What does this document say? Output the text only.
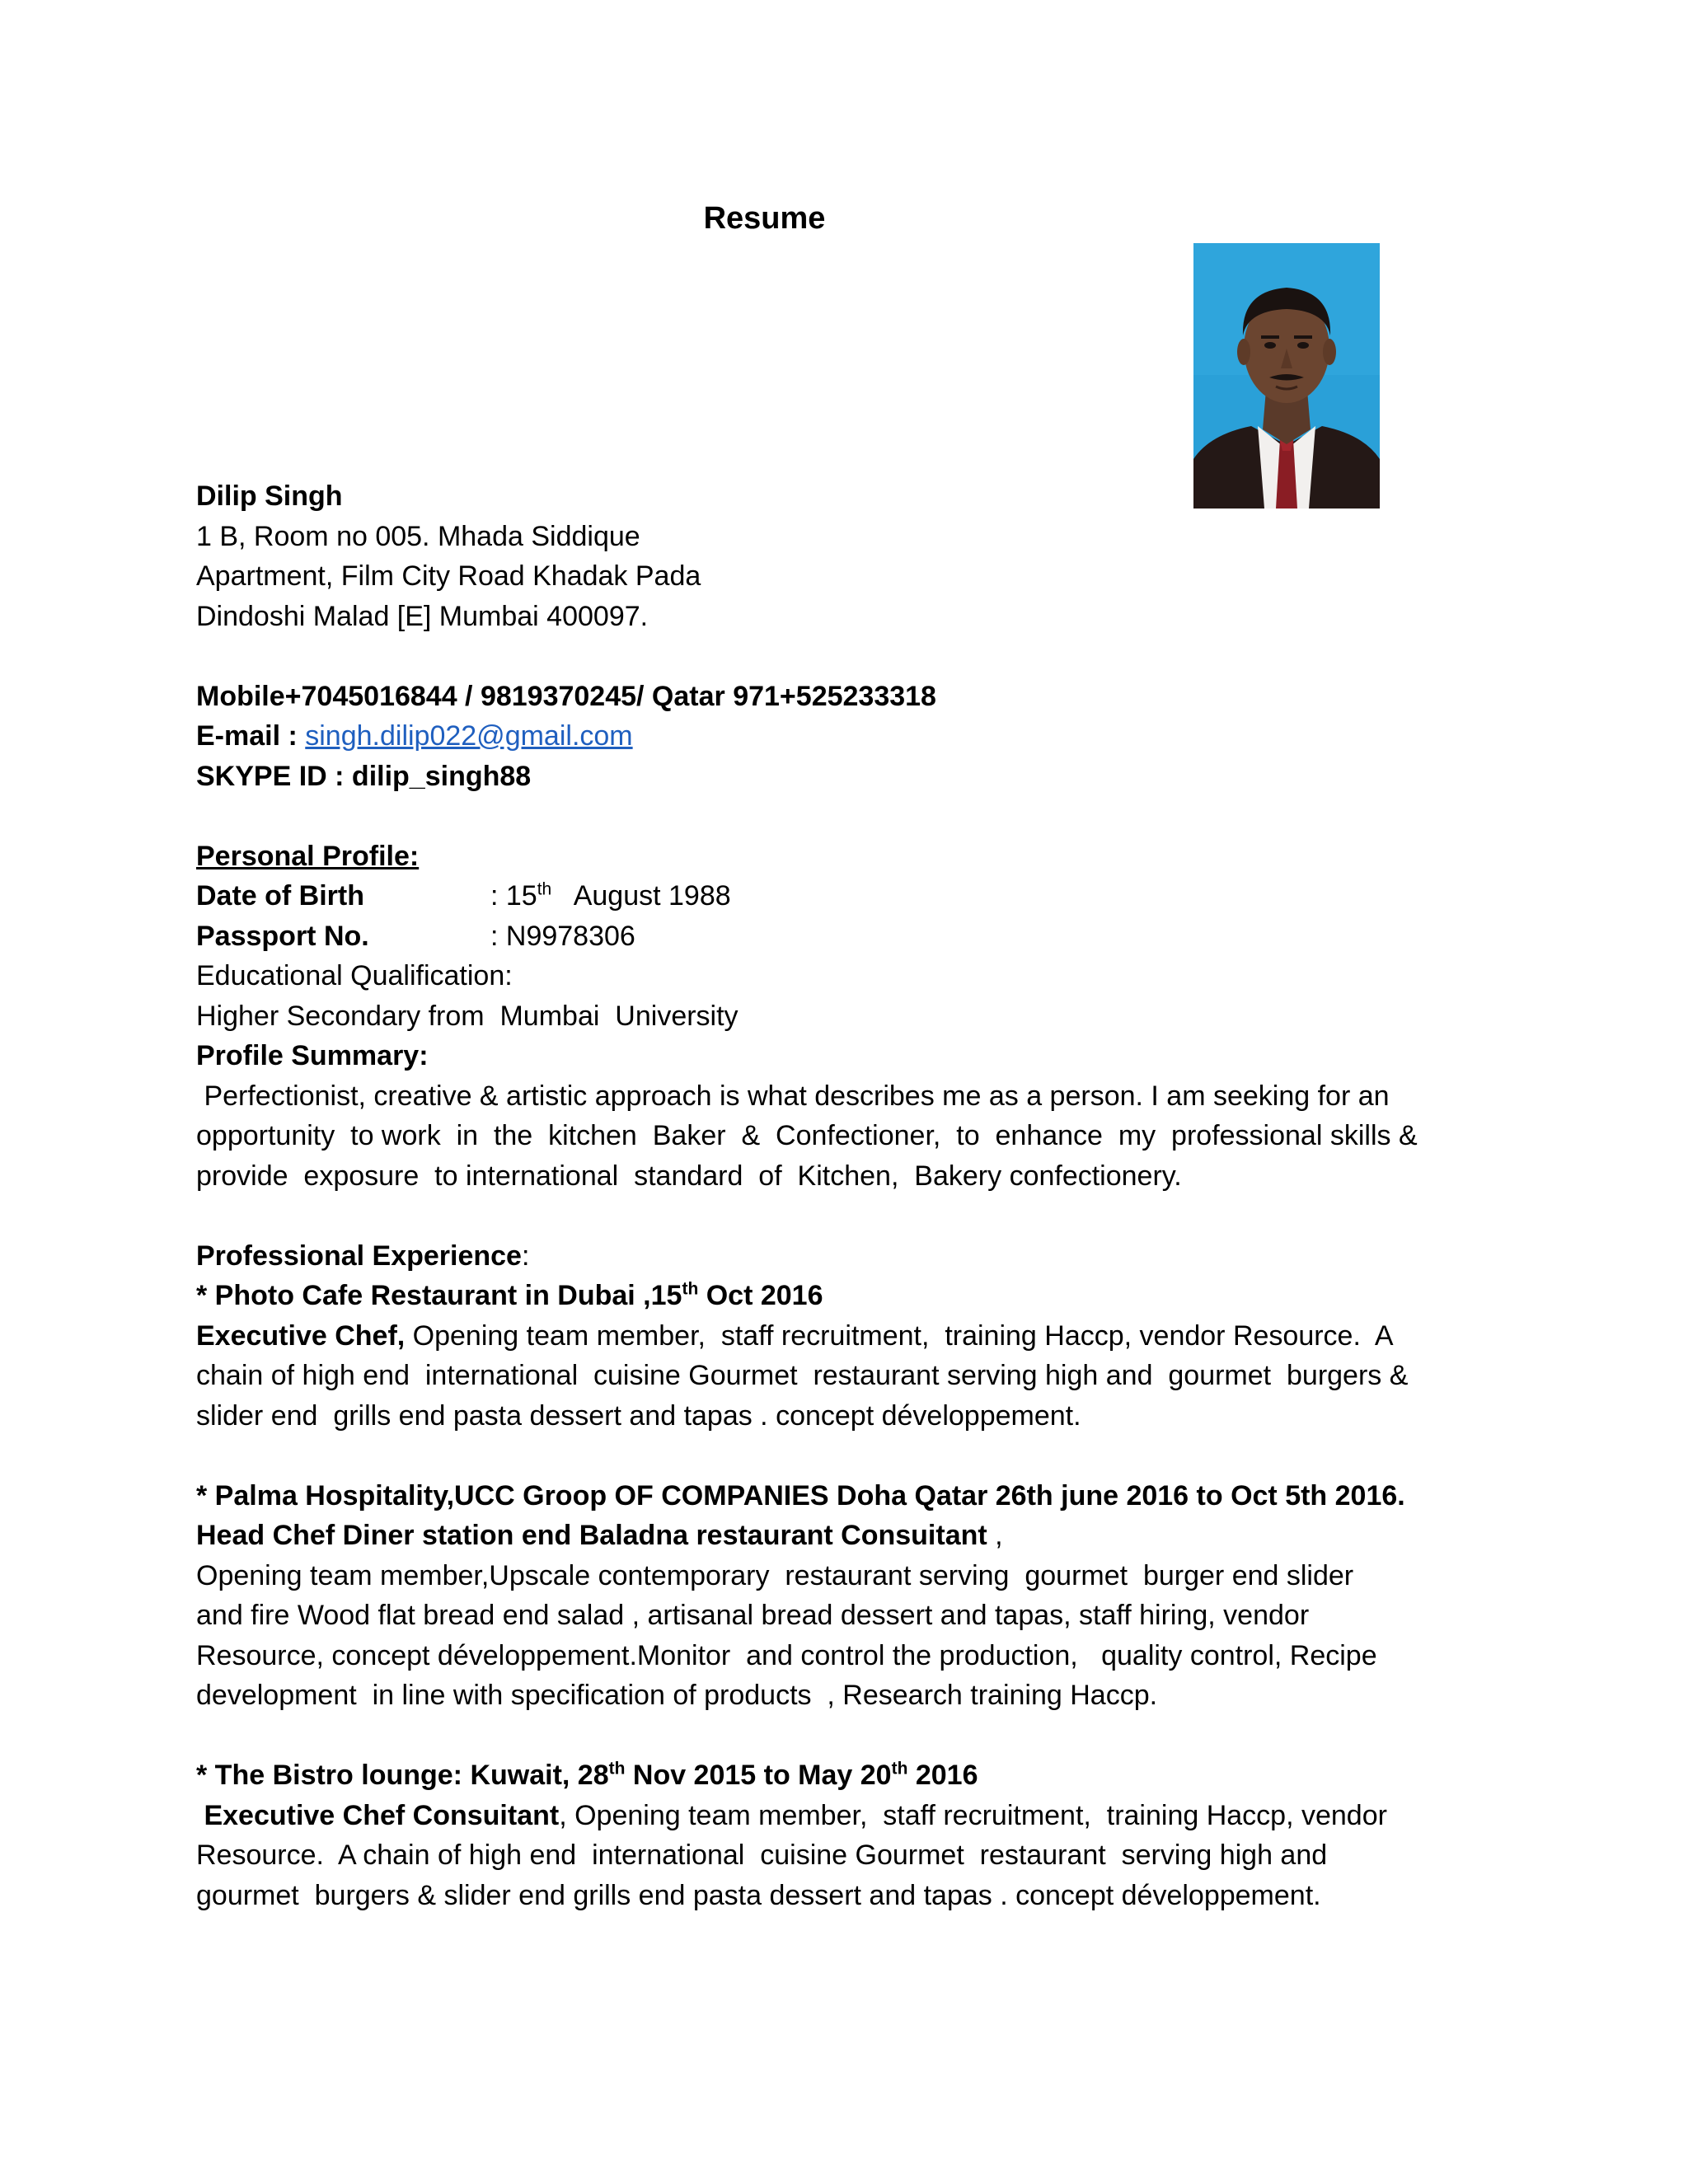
Resume
Dilip Singh
1 B, Room no 005. Mhada Siddique
Apartment, Film City Road Khadak Pada
Dindoshi Malad [E] Mumbai 400097.
Mobile+7045016844 / 9819370245/ Qatar 971+525233318
E-mail : singh.dilip022@gmail.com
SKYPE ID : dilip_singh88
Personal Profile:
Date of Birth	: 15th   August 1988
Passport No.	: N9978306
Educational Qualification:
Higher Secondary from  Mumbai  University
Profile Summary:
Perfectionist, creative & artistic approach is what describes me as a person. I am seeking for an
opportunity  to work  in  the  kitchen  Baker  &  Confectioner,  to  enhance  my  professional skills &
provide  exposure  to international  standard  of  Kitchen,  Bakery confectionery.
Professional Experience:
* Photo Cafe Restaurant in Dubai ,15th Oct 2016
Executive Chef, Opening team member,  staff recruitment,  training Haccp, vendor Resource.  A
chain of high end  international  cuisine Gourmet  restaurant serving high and  gourmet  burgers &
slider end  grills end pasta dessert and tapas . concept développement.
* Palma Hospitality,UCC Groop OF COMPANIES Doha Qatar 26th june 2016 to Oct 5th 2016.
Head Chef Diner station end Baladna restaurant Consuitant ,
Opening team member,Upscale contemporary  restaurant serving  gourmet  burger end slider
and fire Wood flat bread end salad , artisanal bread dessert and tapas, staff hiring, vendor
Resource, concept développement.Monitor  and control the production,   quality control, Recipe
development  in line with specification of products  , Research training Haccp.
* The Bistro lounge: Kuwait, 28th Nov 2015 to May 20th 2016
Executive Chef Consuitant, Opening team member,  staff recruitment,  training Haccp, vendor
Resource.  A chain of high end  international  cuisine Gourmet  restaurant  serving high and
gourmet  burgers & slider end grills end pasta dessert and tapas . concept développement.
